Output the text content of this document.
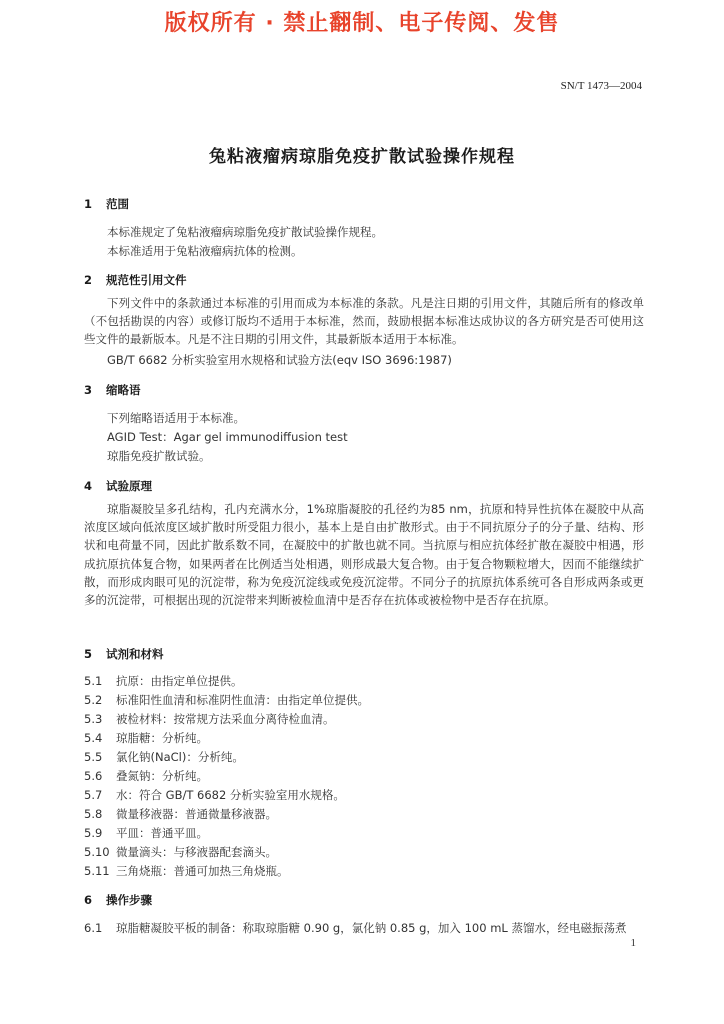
版权所有 · 禁止翻制、电子传阅、发售
SN/T 1473—2004
兔粘液瘤病琼脂免疫扩散试验操作规程
1 范围
本标准规定了兔粘液瘤病琼脂免疫扩散试验操作规程。
本标准适用于兔粘液瘤病抗体的检测。
2 规范性引用文件

下列文件中的条款通过本标准的引用而成为本标准的条款。凡是注日期的引用文件，其随后所有的修改单（不包括勘误的内容）或修订版均不适用于本标准，然而，鼓励根据本标准达成协议的各方研究是否可使用这些文件的最新版本。凡是不注日期的引用文件，其最新版本适用于本标准。

GB/T 6682 分析实验室用水规格和试验方法(eqv ISO 3696:1987)
3 缩略语
下列缩略语适用于本标准。
AGID Test：Agar gel immunodiffusion test
琼脂免疫扩散试验。
4 试验原理

琼脂凝胶呈多孔结构，孔内充满水分，1%琼脂凝胶的孔径约为85 nm，抗原和特异性抗体在凝胶中从高浓度区域向低浓度区域扩散时所受阻力很小，基本上是自由扩散形式。由于不同抗原分子的分子量、结构、形状和电荷量不同，因此扩散系数不同，在凝胶中的扩散也就不同。当抗原与相应抗体经扩散在凝胶中相遇，形成抗原抗体复合物，如果两者在比例适当处相遇，则形成最大复合物。由于复合物颗粒增大，因而不能继续扩散，而形成肉眼可见的沉淀带，称为免疫沉淀线或免疫沉淀带。不同分子的抗原抗体系统可各自形成两条或更多的沉淀带，可根据出现的沉淀带来判断被检血清中是否存在抗体或被检物中是否存在抗原。

5 试剂和材料
5.1 抗原：由指定单位提供。
5.2 标准阳性血清和标准阴性血清：由指定单位提供。
5.3 被检材料：按常规方法采血分离待检血清。
5.4 琼脂糖：分析纯。
5.5 氯化钠(NaCl)：分析纯。
5.6 叠氮钠：分析纯。
5.7 水：符合 GB/T 6682 分析实验室用水规格。
5.8 微量移液器：普通微量移液器。
5.9 平皿：普通平皿。
5.10 微量滴头：与移液器配套滴头。
5.11 三角烧瓶：普通可加热三角烧瓶。
6 操作步骤
6.1 琼脂糖凝胶平板的制备：称取琼脂糖 0.90 g，氯化钠 0.85 g，加入 100 mL 蒸馏水，经电磁振荡煮
1
